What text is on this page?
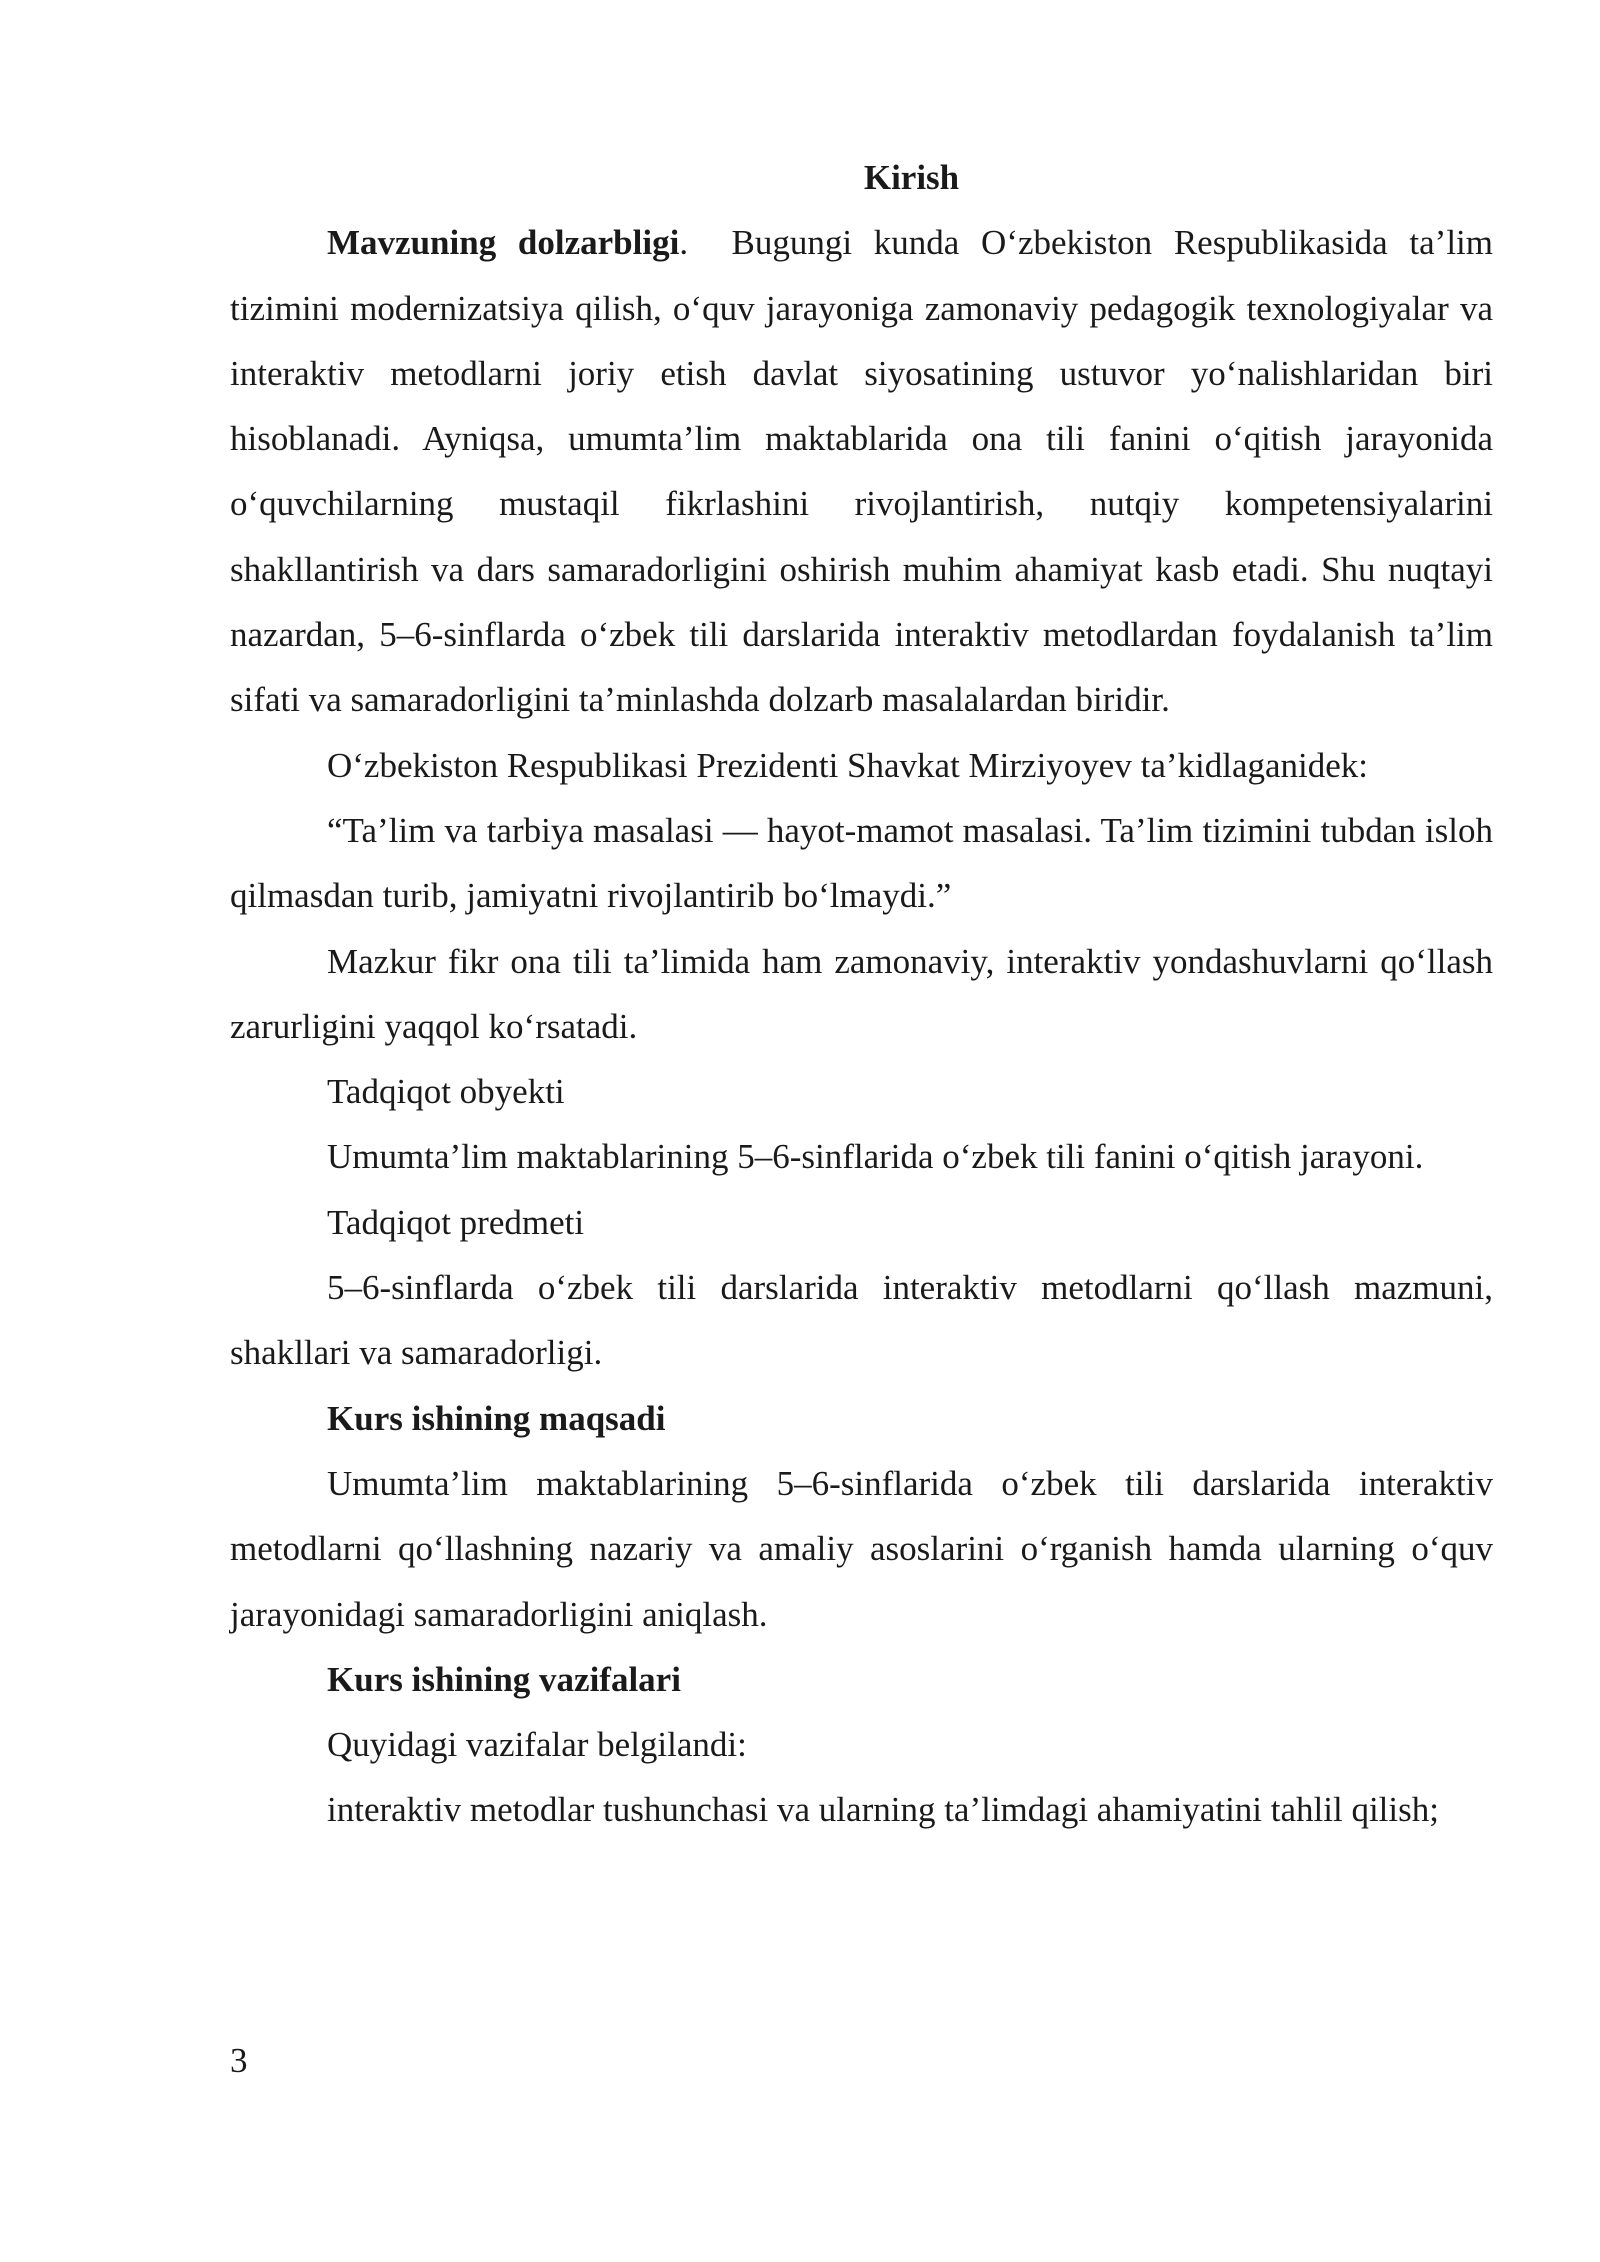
Kirish

Mavzuning dolzarbligi. Bugungi kunda O‘zbekiston Respublikasida ta’lim tizimini modernizatsiya qilish, o‘quv jarayoniga zamonaviy pedagogik texnologiyalar va interaktiv metodlarni joriy etish davlat siyosatining ustuvor yo‘nalishlaridan biri hisoblanadi. Ayniqsa, umumta’lim maktablarida ona tili fanini o‘qitish jarayonida o‘quvchilarning mustaqil fikrlashini rivojlantirish, nutqiy kompetensiyalarini shakllantirish va dars samaradorligini oshirish muhim ahamiyat kasb etadi. Shu nuqtayi nazardan, 5–6-sinflarda o‘zbek tili darslarida interaktiv metodlardan foydalanish ta’lim sifati va samaradorligini ta’minlashda dolzarb masalalardan biridir.

O‘zbekiston Respublikasi Prezidenti Shavkat Mirziyoyev ta’kidlaganidek:

“Ta’lim va tarbiya masalasi — hayot-mamot masalasi. Ta’lim tizimini tubdan isloh qilmasdan turib, jamiyatni rivojlantirib bo‘lmaydi.”

Mazkur fikr ona tili ta’limida ham zamonaviy, interaktiv yondashuvlarni qo‘llash zarurligini yaqqol ko‘rsatadi.

Tadqiqot obyekti

Umumta’lim maktablarining 5–6-sinflarida o‘zbek tili fanini o‘qitish jarayoni.

Tadqiqot predmeti

5–6-sinflarda o‘zbek tili darslarida interaktiv metodlarni qo‘llash mazmuni, shakllari va samaradorligi.

Kurs ishining maqsadi

Umumta’lim maktablarining 5–6-sinflarida o‘zbek tili darslarida interaktiv metodlarni qo‘llashning nazariy va amaliy asoslarini o‘rganish hamda ularning o‘quv jarayonidagi samaradorligini aniqlash.

Kurs ishining vazifalari

Quyidagi vazifalar belgilandi:

interaktiv metodlar tushunchasi va ularning ta’limdagi ahamiyatini tahlil qilish;

3
